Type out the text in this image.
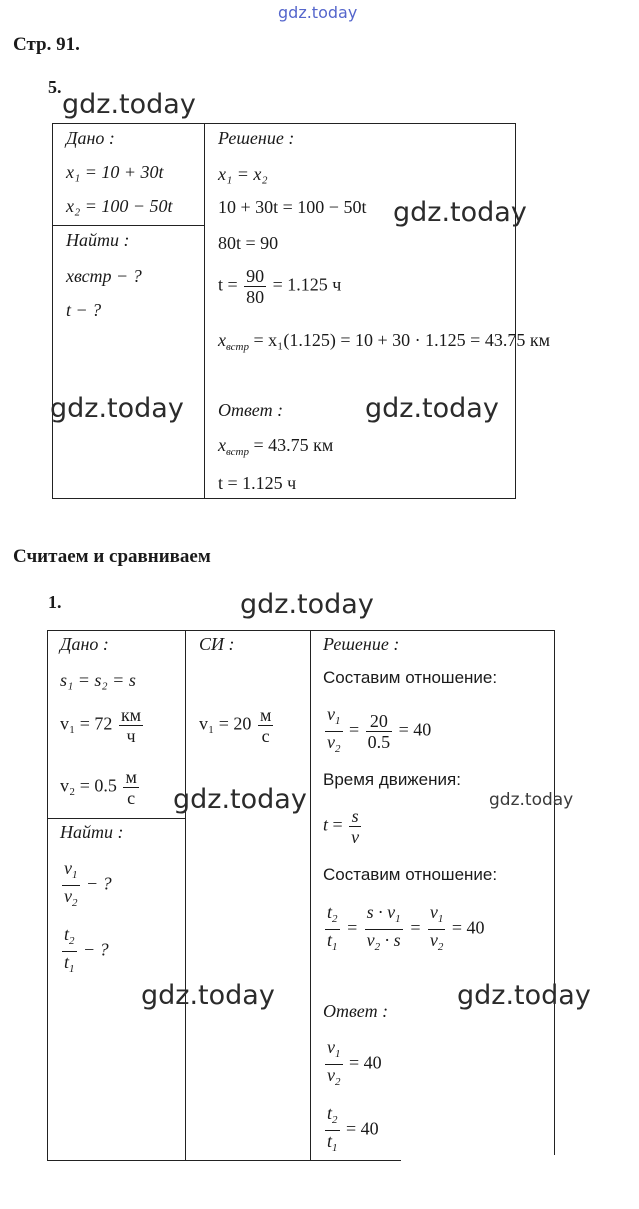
gdz.today
Стр. 91.
5.
gdz.today
Дано :
x₁ = 10 + 30t
x₂ = 100 − 50t
Найти :
xвстр − ?
t − ?
Решение :
x₁ = x₂
10 + 30t = 100 − 50t gdz.today
80t = 90
$t = \frac{90}{80} = 1.125$ ч
$x_{встр} = x_1(1.125) = 10 + 30 \cdot 1.125 = 43.75$ км
gdz.today	gdz.today
Ответ :
$x_{встр} = 43.75$ км
t = 1.125 ч
Считаем и сравниваем
1.	gdz.today
Дано :
s₁ = s₂ = s
$v_1 = 72 \frac{км}{ч}$
$v_2 = 0.5 \frac{м}{с}$
Найти :
$\frac{v_1}{v_2}$ − ?
$\frac{t_2}{t_1}$ − ?
СИ :
$v_1 = 20 \frac{м}{с}$
gdz.today
Решение :
Составим отношение:
$\frac{v_1}{v_2} = \frac{20}{0.5} = 40$
Время движения:
gdz.today
$t = \frac{s}{v}$
Составим отношение:
$\frac{t_2}{t_1} = \frac{s \cdot v_1}{v_2 \cdot s} = \frac{v_1}{v_2} = 40$
gdz.today	gdz.today
Ответ :
$\frac{v_1}{v_2} = 40$
$\frac{t_2}{t_1} = 40$
